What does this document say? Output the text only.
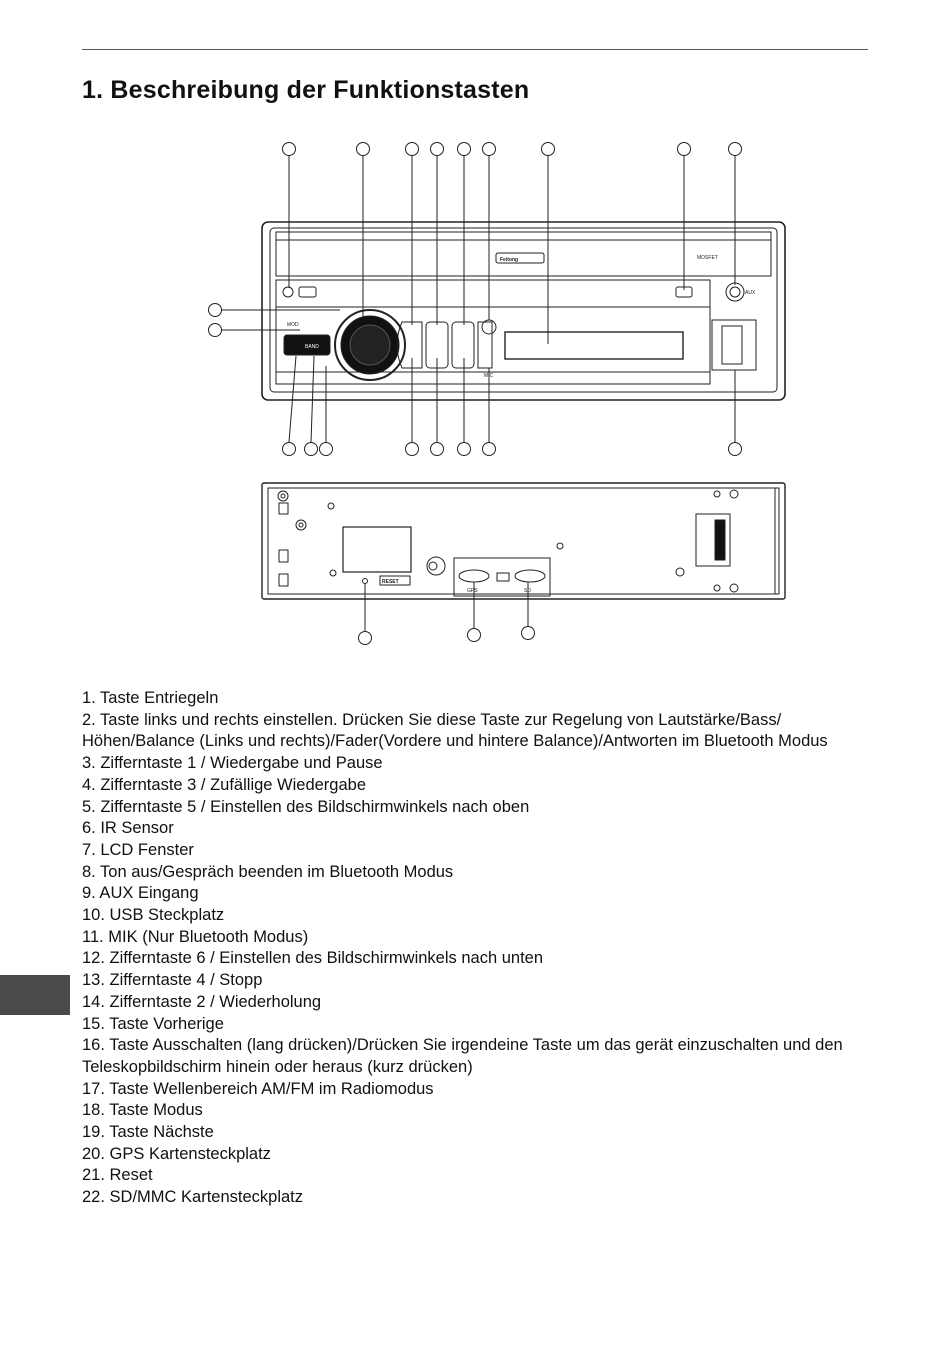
1. Beschreibung der Funktionstasten
Feitong	MOSFET
AUX
MOD
BAND
MIC
RESET
GPS	SD
1. Taste Entriegeln
2. Taste links und rechts einstellen. Drücken Sie diese Taste zur Regelung von Lautstärke/Bass/ Höhen/Balance (Links und rechts)/Fader(Vordere und hintere Balance)/Antworten im Bluetooth Modus
3. Zifferntaste 1 / Wiedergabe und Pause
4. Zifferntaste 3 / Zufällige Wiedergabe
5. Zifferntaste 5 / Einstellen des Bildschirmwinkels nach oben
6. IR Sensor
7. LCD Fenster
8. Ton aus/Gespräch beenden im Bluetooth Modus
9. AUX Eingang
10. USB Steckplatz
11. MIK (Nur Bluetooth Modus)
12. Zifferntaste 6 / Einstellen des Bildschirmwinkels nach unten
13. Zifferntaste 4 / Stopp
14. Zifferntaste 2 / Wiederholung
15. Taste Vorherige
16. Taste Ausschalten (lang drücken)/Drücken Sie irgendeine Taste um das gerät einzuschalten und den Teleskopbildschirm hinein oder heraus (kurz drücken)
17. Taste Wellenbereich AM/FM im Radiomodus
18. Taste Modus
19. Taste Nächste
20. GPS Kartensteckplatz
21. Reset
22. SD/MMC Kartensteckplatz
